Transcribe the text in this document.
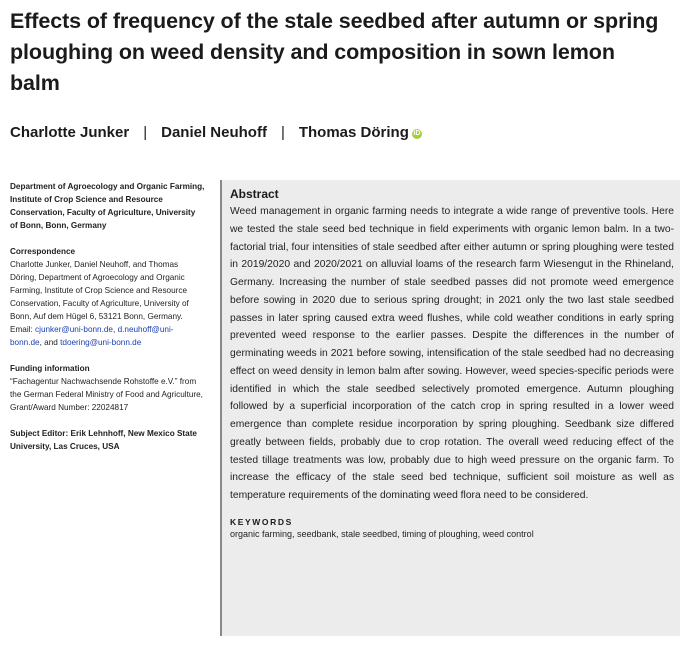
Effects of frequency of the stale seedbed after autumn or spring ploughing on weed density and composition in sown lemon balm
Charlotte Junker | Daniel Neuhoff | Thomas Döring iD
Department of Agroecology and Organic Farming, Institute of Crop Science and Resource Conservation, Faculty of Agriculture, University of Bonn, Bonn, Germany
Correspondence
Charlotte Junker, Daniel Neuhoff, and Thomas Döring, Department of Agroecology and Organic Farming, Institute of Crop Science and Resource Conservation, Faculty of Agriculture, University of Bonn, Auf dem Hügel 6, 53121 Bonn, Germany.
Email: cjunker@uni-bonn.de, d.neuhoff@uni-bonn.de, and tdoering@uni-bonn.de
Funding information
“Fachagentur Nachwachsende Rohstoffe e.V.” from the German Federal Ministry of Food and Agriculture, Grant/Award Number: 22024817
Subject Editor: Erik Lehnhoff, New Mexico State University, Las Cruces, USA
Abstract

Weed management in organic farming needs to integrate a wide range of preventive tools. Here we tested the stale seed bed technique in field experiments with organic lemon balm. In a two-factorial trial, four intensities of stale seedbed after either autumn or spring ploughing were tested in 2019/2020 and 2020/2021 on alluvial loams of the research farm Wiesengut in the Rhineland, Germany. Increasing the number of stale seedbed passes did not promote weed emergence before sowing in 2020 due to serious spring drought; in 2021 only the two last stale seedbed passes in later spring caused extra weed flushes, while cold weather conditions in early spring prevented weed response to the earlier passes. Despite the differences in the number of germinating weeds in 2021 before sowing, intensification of the stale seedbed had no decreasing effect on weed density in lemon balm after sowing. However, weed species-specific periods were identified in which the stale seedbed selectively promoted emergence. Autumn ploughing followed by a superficial incorporation of the catch crop in spring resulted in a lower weed emergence than complete residue incorporation by spring ploughing. Seedbank size differed greatly between fields, probably due to crop rotation. The overall weed reducing effect of the tested tillage treatments was low, probably due to high weed pressure on the organic farm. To increase the efficacy of the stale seed bed technique, sufficient soil moisture as well as temperature requirements of the dominating weed flora need to be considered.

KEYWORDS
organic farming, seedbank, stale seedbed, timing of ploughing, weed control
